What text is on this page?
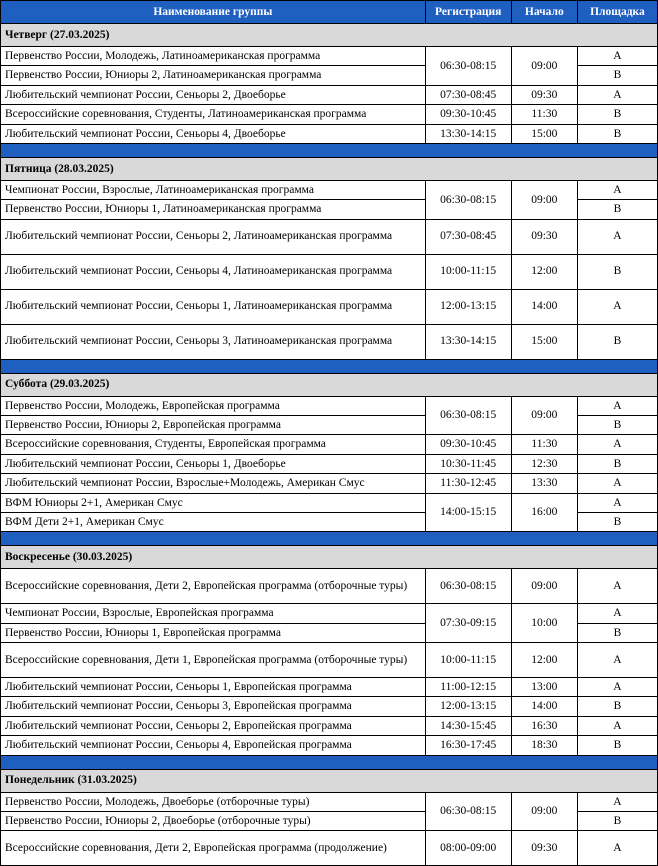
Наименование группы	Регистрация	Начало	Площадка
Четверг (27.03.2025)			
Первенство России, Молодежь, Латиноамериканская программа	06:30-08:15	09:00	A
Первенство России, Юниоры 2, Латиноамериканская программа			B
Любительский чемпионат России, Сеньоры 2, Двоеборье	07:30-08:45	09:30	A
Всероссийские соревнования, Студенты, Латиноамериканская программа	09:30-10:45	11:30	B
Любительский чемпионат России, Сеньоры 4, Двоеборье	13:30-14:15	15:00	B

Пятница (28.03.2025)			
Чемпионат России, Взрослые, Латиноамериканская программа	06:30-08:15	09:00	A
Первенство России, Юниоры 1, Латиноамериканская программа			B
Любительский чемпионат России, Сеньоры 2, Латиноамериканская программа	07:30-08:45	09:30	A
Любительский чемпионат России, Сеньоры 4, Латиноамериканская программа	10:00-11:15	12:00	B
Любительский чемпионат России, Сеньоры 1, Латиноамериканская программа	12:00-13:15	14:00	A
Любительский чемпионат России, Сеньоры 3, Латиноамериканская программа	13:30-14:15	15:00	B

Суббота (29.03.2025)			
Первенство России, Молодежь, Европейская программа	06:30-08:15	09:00	A
Первенство России, Юниоры 2, Европейская программа			B
Всероссийские соревнования, Студенты, Европейская программа	09:30-10:45	11:30	A
Любительский чемпионат России, Сеньоры 1, Двоеборье	10:30-11:45	12:30	B
Любительский чемпионат России, Взрослые+Молодежь, Американ Смус	11:30-12:45	13:30	A
ВФМ Юниоры 2+1, Американ Смус	14:00-15:15	16:00	A
ВФМ Дети 2+1, Американ Смус			B

Воскресенье (30.03.2025)			
Всероссийские соревнования, Дети 2, Европейская программа (отборочные туры)	06:30-08:15	09:00	A
Чемпионат России, Взрослые, Европейская программа	07:30-09:15	10:00	A
Первенство России, Юниоры 1, Европейская программа			B
Всероссийские соревнования, Дети 1, Европейская программа (отборочные туры)	10:00-11:15	12:00	A
Любительский чемпионат России, Сеньоры 1, Европейская программа	11:00-12:15	13:00	A
Любительский чемпионат России, Сеньоры 3, Европейская программа	12:00-13:15	14:00	B
Любительский чемпионат России, Сеньоры 2, Европейская программа	14:30-15:45	16:30	A
Любительский чемпионат России, Сеньоры 4, Европейская программа	16:30-17:45	18:30	B

Понедельник (31.03.2025)			
Первенство России, Молодежь, Двоеборье (отборочные туры)	06:30-08:15	09:00	A
Первенство России, Юниоры 2, Двоеборье (отборочные туры)			B
Всероссийские соревнования, Дети 2, Европейская программа (продолжение)	08:00-09:00	09:30	A
